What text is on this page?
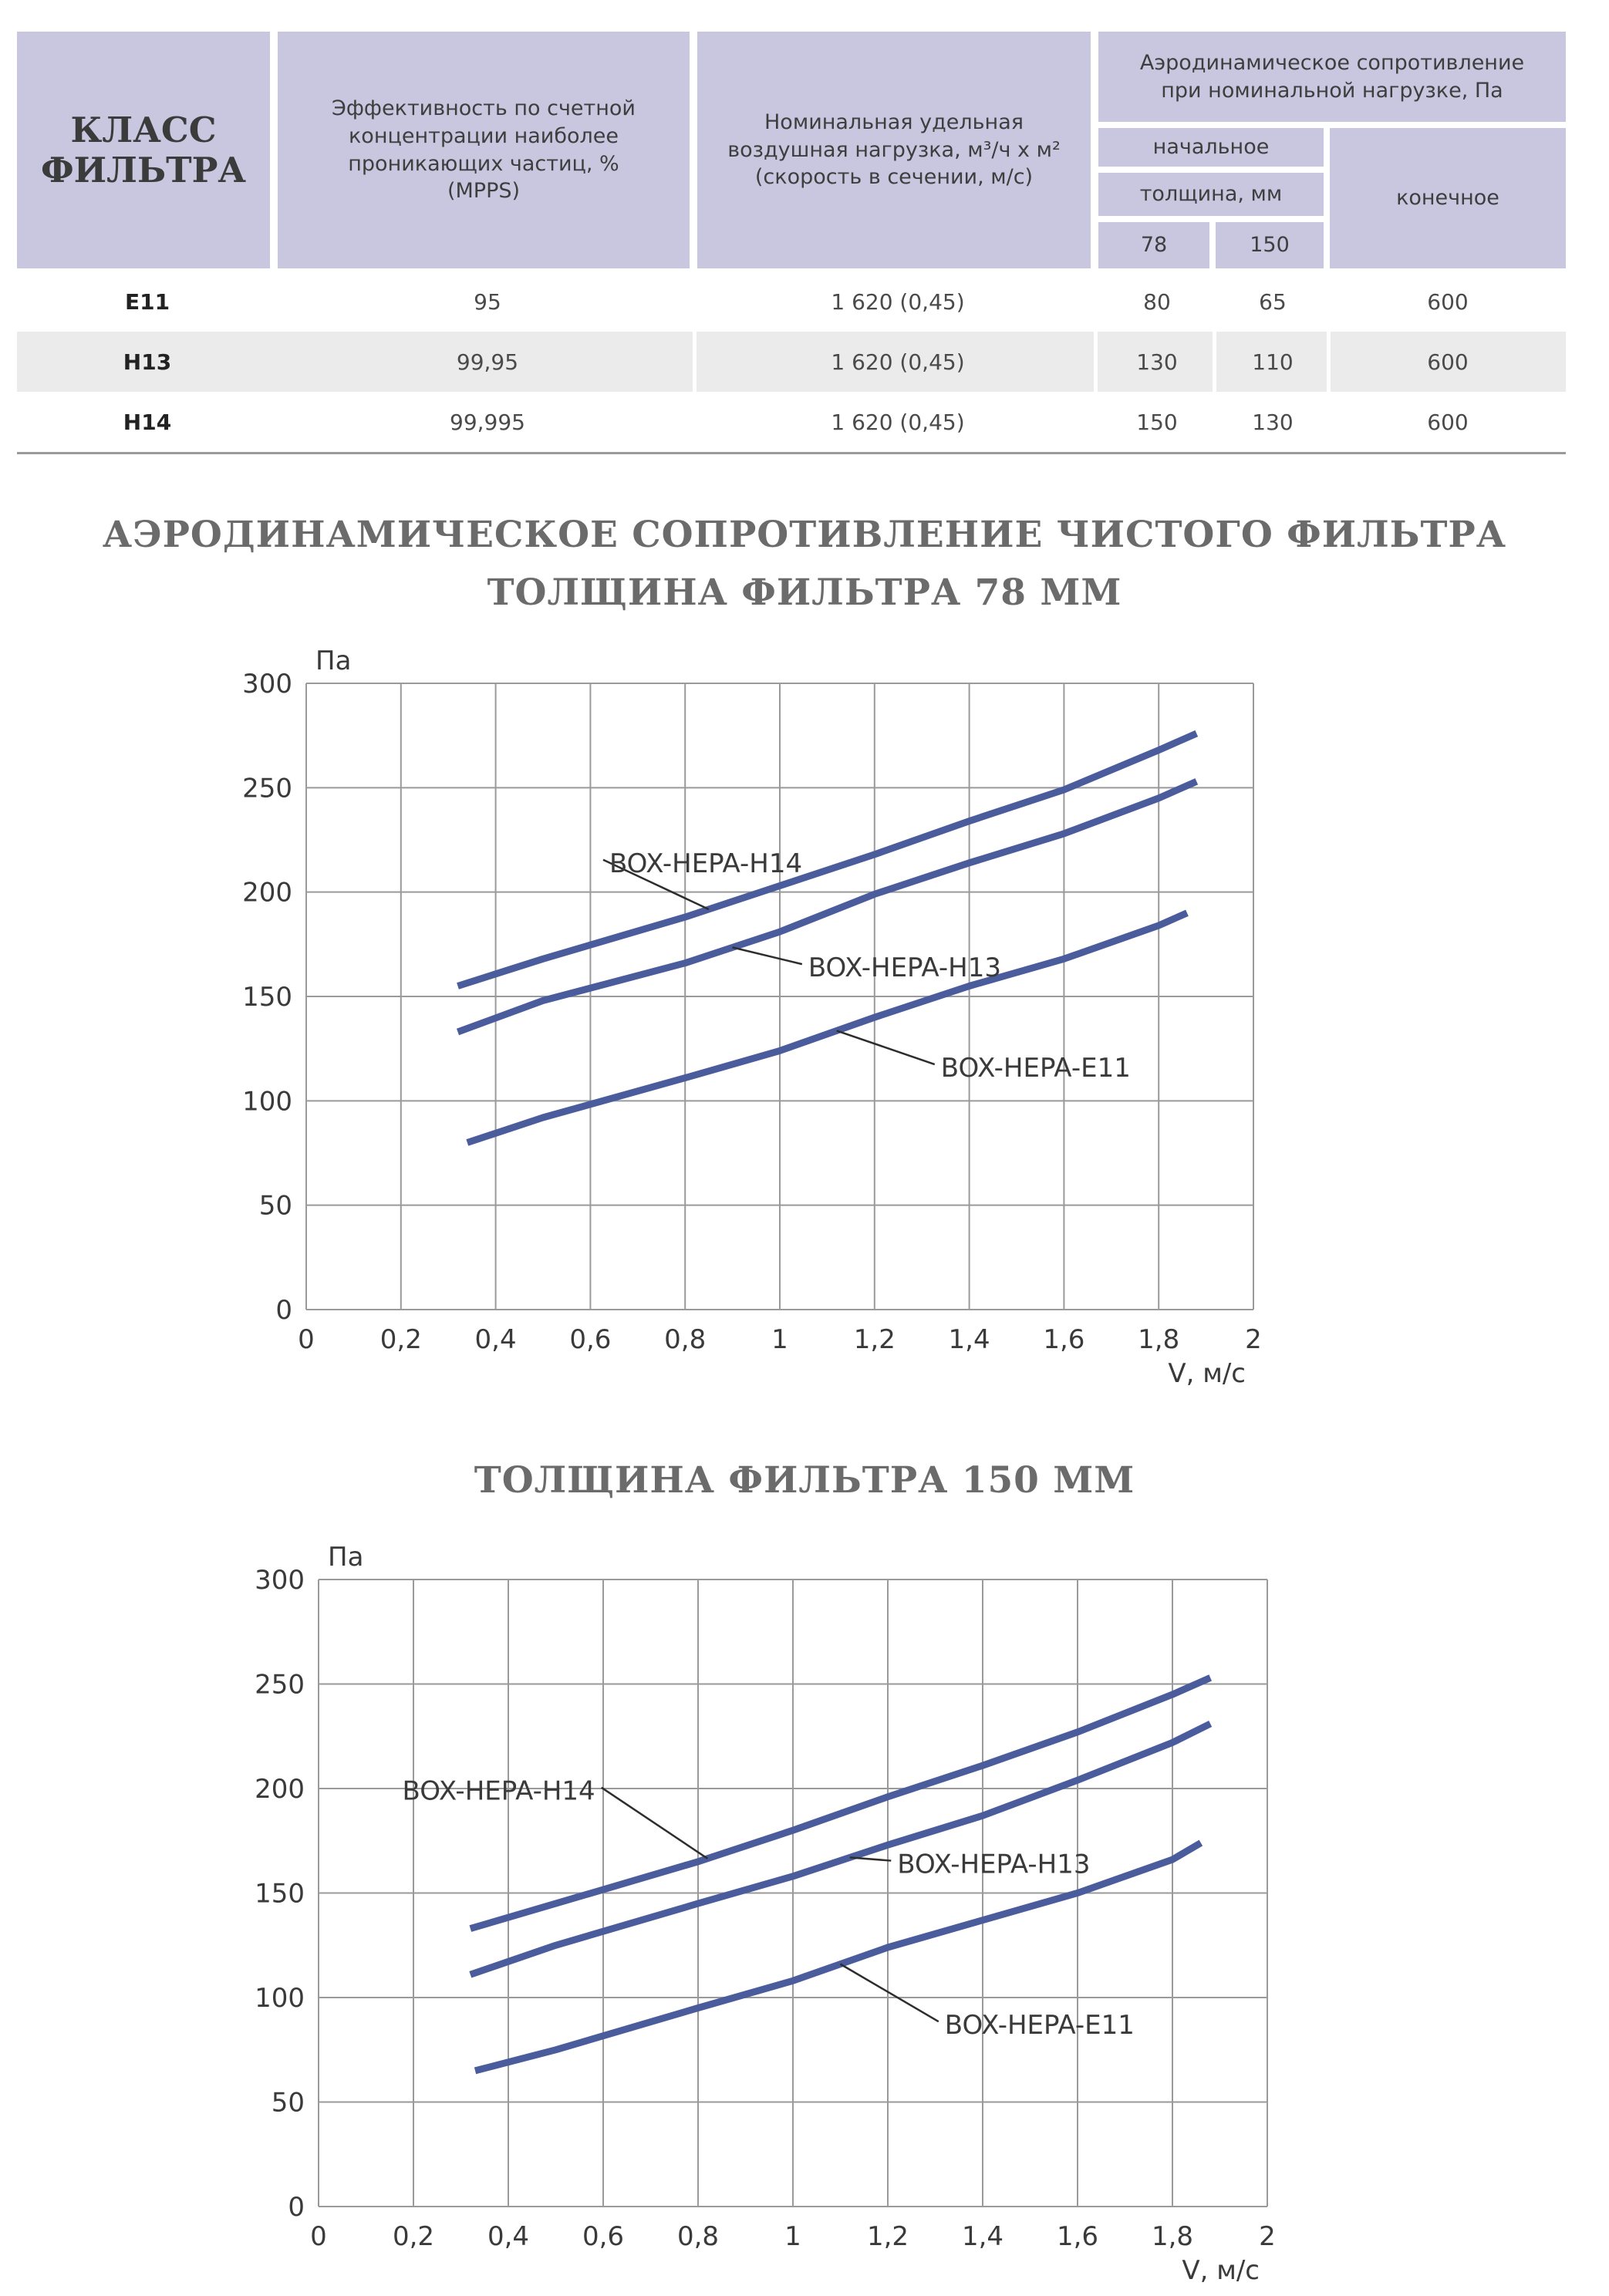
КЛАСС ФИЛЬТРА
Эффективность по счетной концентрации наиболее проникающих частиц, % (MPPS)
Номинальная удельная воздушная нагрузка, м³/ч х м² (скорость в сечении, м/с)
Аэродинамическое сопротивление при номинальной нагрузке, Па
начальное
толщина, мм
78	150
конечное
E11	95	1 620 (0,45)	80	65	600
H13	99,95	1 620 (0,45)	130	110	600
H14	99,995	1 620 (0,45)	150	130	600
АЭРОДИНАМИЧЕСКОЕ СОПРОТИВЛЕНИЕ ЧИСТОГО ФИЛЬТРА
ТОЛЩИНА ФИЛЬТРА 78 ММ
ТОЛЩИНА ФИЛЬТРА 150 ММ
0 0,2 0,4 0,6 0,8 1 1,2 1,4 1,6 1,8 2
0
50
100
150
200
250
300
Па
V, м/с
BOX-HEPA-H14
BOX-HEPA-H13
BOX-HEPA-E11
0	0,2 0,4 0,6 0,8	1	1,2 1,4 1,6 1,8	2
0
50
100
150
200
250
300
Па
V, м/с
BOX-HEPA-H14
BOX-HEPA-H13
BOX-HEPA-E11
